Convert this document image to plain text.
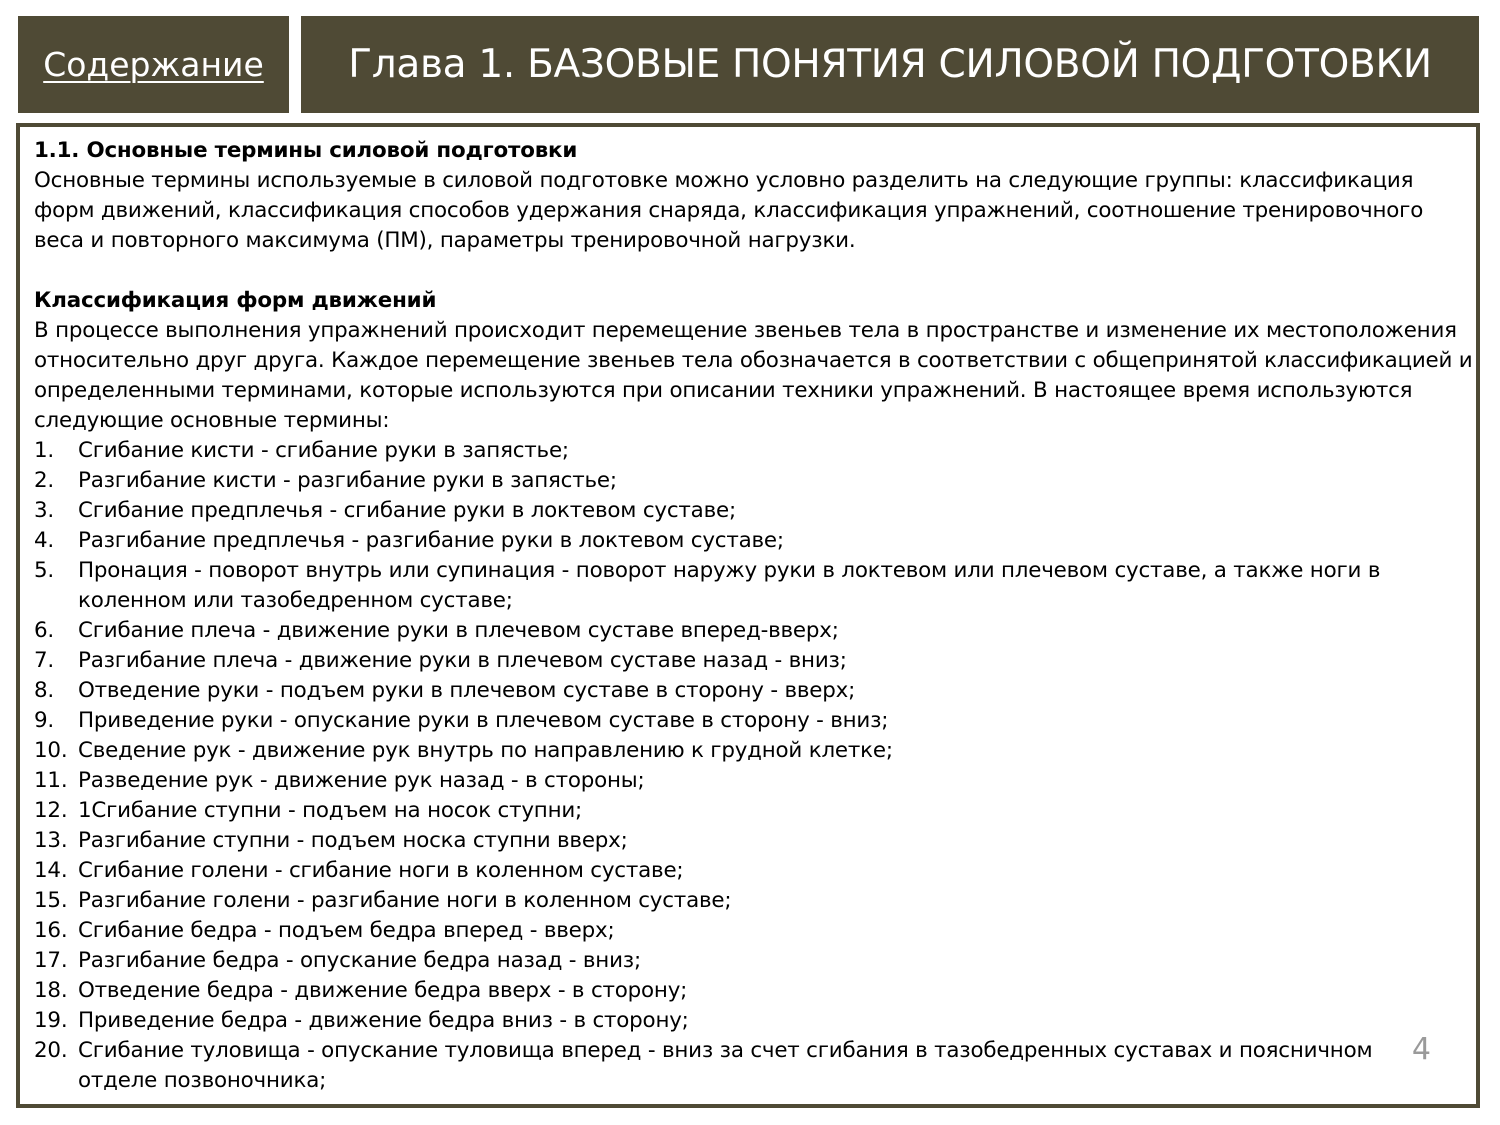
Содержание Глава 1. БАЗОВЫЕ ПОНЯТИЯ СИЛОВОЙ ПОДГОТОВКИ

1.1. Основные термины силовой подготовки

Основные термины используемые в силовой подготовке можно условно разделить на следующие группы: классификация форм движений, классификация способов удержания снаряда, классификация упражнений, соотношение тренировочного веса и повторного максимума (ПМ), параметры тренировочной нагрузки.

Классификация форм движений

В процессе выполнения упражнений происходит перемещение звеньев тела в пространстве и изменение их местоположения относительно друг друга. Каждое перемещение звеньев тела обозначается в соответствии с общепринятой классификацией и определенными терминами, которые используются при описании техники упражнений. В настоящее время используются следующие основные термины:

1.	Сгибание кисти - сгибание руки в запястье;
2.	Разгибание кисти - разгибание руки в запястье;
3.	Сгибание предплечья - сгибание руки в локтевом суставе;
4.	Разгибание предплечья - разгибание руки в локтевом суставе;
5.	Пронация - поворот внутрь или супинация - поворот наружу руки в локтевом или плечевом суставе, а также ноги в коленном или тазобедренном суставе;
6.	Сгибание плеча - движение руки в плечевом суставе вперед-вверх;
7.	Разгибание плеча - движение руки в плечевом суставе назад - вниз;
8.	Отведение руки - подъем руки в плечевом суставе в сторону - вверх;
9.	Приведение руки - опускание руки в плечевом суставе в сторону - вниз;
10. Сведение рук - движение рук внутрь по направлению к грудной клетке;
11. Разведение рук - движение рук назад - в стороны;
12. 1Сгибание ступни - подъем на носок ступни;
13. Разгибание ступни - подъем носка ступни вверх;
14. Сгибание голени - сгибание ноги в коленном суставе;
15. Разгибание голени - разгибание ноги в коленном суставе;
16. Сгибание бедра - подъем бедра вперед - вверх;
17. Разгибание бедра - опускание бедра назад - вниз;
18. Отведение бедра - движение бедра вверх - в сторону;
19. Приведение бедра - движение бедра вниз - в сторону;
20. Сгибание туловища - опускание туловища вперед - вниз за счет сгибания в тазобедренных суставах и поясничном отделе позвоночника;
4
